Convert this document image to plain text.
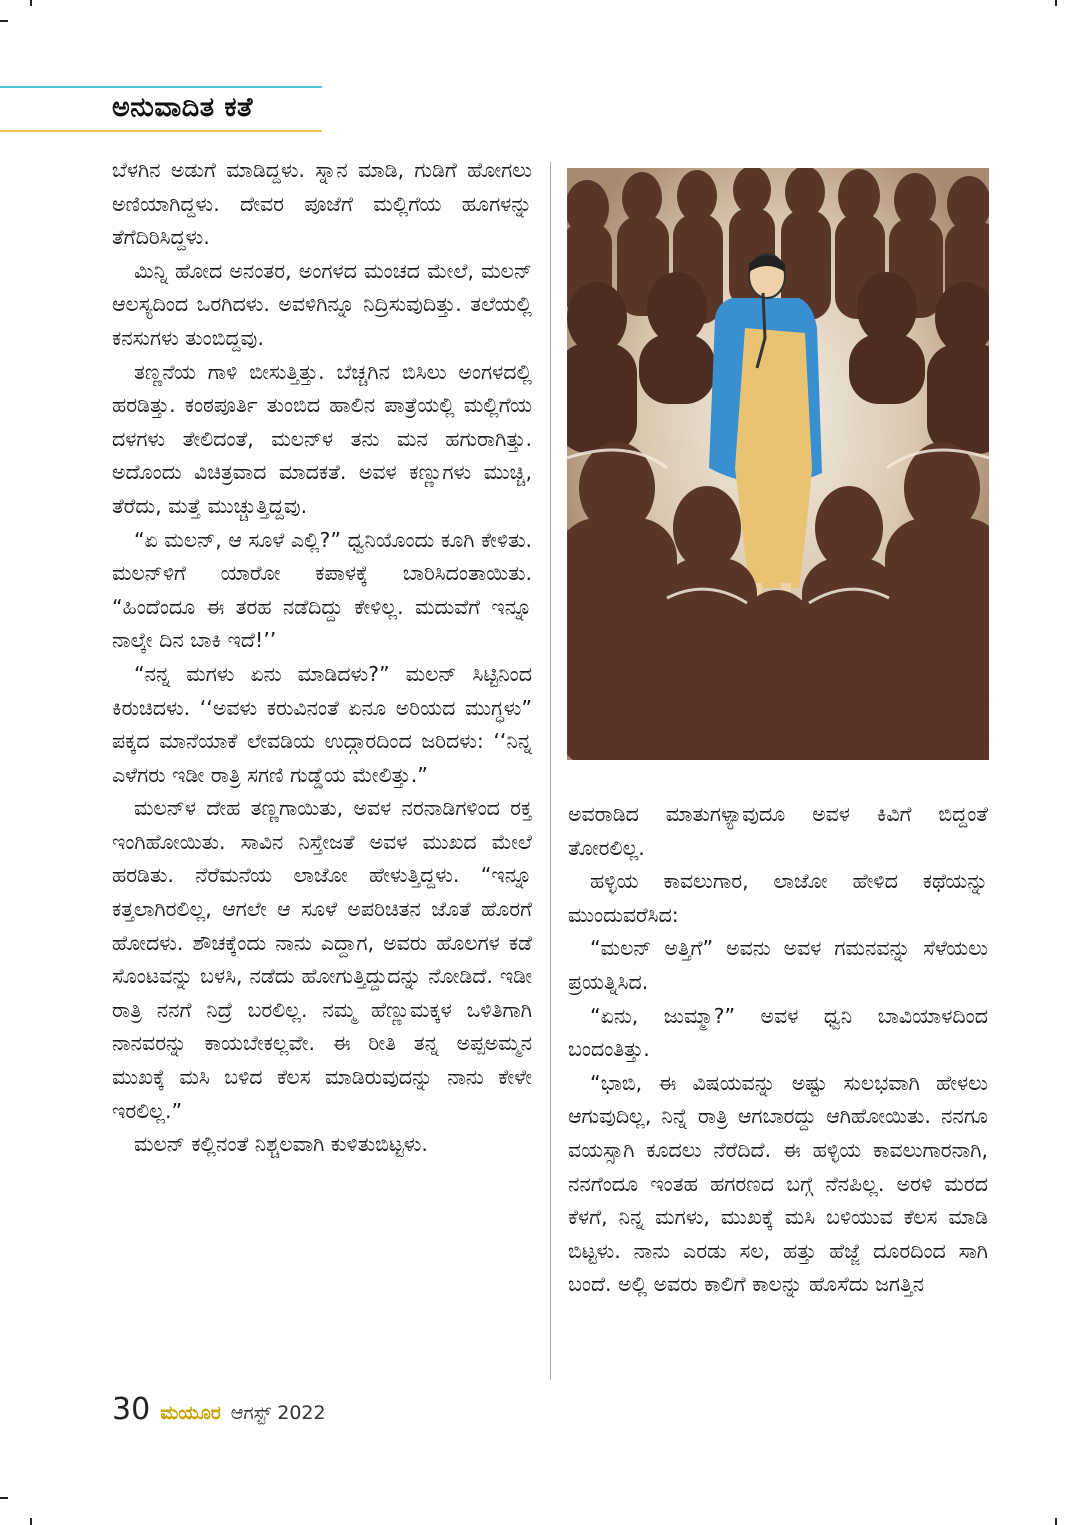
ಅನುವಾದಿತ ಕತೆ

ಬೆಳಗಿನ ಅಡುಗೆ ಮಾಡಿದ್ದಳು. ಸ್ನಾನ ಮಾಡಿ, ಗುಡಿಗೆ ಹೋಗಲು ಅಣಿಯಾಗಿದ್ದಳು. ದೇವರ ಪೂಜೆಗೆ ಮಲ್ಲಿಗೆಯ ಹೂಗಳನ್ನು ತೆಗೆದಿರಿಸಿದ್ದಳು.

ಮಿನ್ನಿ ಹೋದ ಅನಂತರ, ಅಂಗಳದ ಮಂಚದ ಮೇಲೆ, ಮಲನ್ ಆಲಸ್ಯದಿಂದ ಒರಗಿದಳು. ಅವಳಿಗಿನ್ನೂ ನಿದ್ರಿಸುವುದಿತ್ತು. ತಲೆಯಲ್ಲಿ ಕನಸುಗಳು ತುಂಬಿದ್ದವು.

ತಣ್ಣನೆಯ ಗಾಳಿ ಬೀಸುತ್ತಿತ್ತು. ಬೆಚ್ಚಗಿನ ಬಿಸಿಲು ಅಂಗಳದಲ್ಲಿ ಹರಡಿತ್ತು. ಕಂಠಪೂರ್ತಿ ತುಂಬಿದ ಹಾಲಿನ ಪಾತ್ರೆಯಲ್ಲಿ ಮಲ್ಲಿಗೆಯ ದಳಗಳು ತೇಲಿದಂತೆ, ಮಲನ್‌ಳ ತನು ಮನ ಹಗುರಾಗಿತ್ತು. ಅದೊಂದು ವಿಚಿತ್ರವಾದ ಮಾದಕತೆ. ಅವಳ ಕಣ್ಣುಗಳು ಮುಚ್ಚಿ, ತೆರೆದು, ಮತ್ತೆ ಮುಚ್ಚುತ್ತಿದ್ದವು.

“ಏ ಮಲನ್, ಆ ಸೂಳೆ ಎಲ್ಲಿ?” ಧ್ವನಿಯೊಂದು ಕೂಗಿ ಕೇಳಿತು. ಮಲನ್‌ಳಿಗೆ ಯಾರೋ ಕಪಾಳಕ್ಕೆ ಬಾರಿಸಿದಂತಾಯಿತು. “ಹಿಂದೆಂದೂ ಈ ತರಹ ನಡೆದಿದ್ದು ಕೇಳಿಲ್ಲ. ಮದುವೆಗೆ ಇನ್ನೂ ನಾಲ್ಕೇ ದಿನ ಬಾಕಿ ಇದೆ!’’

“ನನ್ನ ಮಗಳು ಏನು ಮಾಡಿದಳು?” ಮಲನ್ ಸಿಟ್ಟಿನಿಂದ ಕಿರುಚಿದಳು. ‘‘ಅವಳು ಕರುವಿನಂತೆ ಏನೂ ಅರಿಯದ ಮುಗ್ಧಳು” ಪಕ್ಕದ ಮಾನೆಯಾಕೆ ಲೇವಡಿಯ ಉದ್ಗಾರದಿಂದ ಜರಿದಳು: ‘‘ನಿನ್ನ ಎಳೆಗರು ಇಡೀ ರಾತ್ರಿ ಸಗಣಿ ಗುಡ್ಡೆಯ ಮೇಲಿತ್ತು.”

ಮಲನ್‌ಳ ದೇಹ ತಣ್ಣಗಾಯಿತು, ಅವಳ ನರನಾಡಿಗಳಿಂದ ರಕ್ತ ಇಂಗಿಹೋಯಿತು. ಸಾವಿನ ನಿಸ್ತೇಜತೆ ಅವಳ ಮುಖದ ಮೇಲೆ ಹರಡಿತು. ನೆರೆಮನೆಯ ಲಾಜೋ ಹೇಳುತ್ತಿದ್ದಳು. “ಇನ್ನೂ ಕತ್ತಲಾಗಿರಲಿಲ್ಲ, ಆಗಲೇ ಆ ಸೂಳೆ ಅಪರಿಚಿತನ ಜೊತೆ ಹೊರಗೆ ಹೋದಳು. ಶೌಚಕ್ಕೆಂದು ನಾನು ಎದ್ದಾಗ, ಅವರು ಹೊಲಗಳ ಕಡೆ ಸೊಂಟವನ್ನು ಬಳಸಿ, ನಡೆದು ಹೋಗುತ್ತಿದ್ದುದನ್ನು ನೋಡಿದೆ. ಇಡೀ ರಾತ್ರಿ ನನಗೆ ನಿದ್ರೆ ಬರಲಿಲ್ಲ. ನಮ್ಮ ಹೆಣ್ಣುಮಕ್ಕಳ ಒಳಿತಿಗಾಗಿ ನಾನವರನ್ನು ಕಾಯಬೇಕಲ್ಲವೇ. ಈ ರೀತಿ ತನ್ನ ಅಪ್ಪಅಮ್ಮನ ಮುಖಕ್ಕೆ ಮಸಿ ಬಳಿದ ಕೆಲಸ ಮಾಡಿರುವುದನ್ನು ನಾನು ಕೇಳೇ ಇರಲಿಲ್ಲ.”

ಮಲನ್ ಕಲ್ಲಿನಂತೆ ನಿಶ್ಚಲವಾಗಿ ಕುಳಿತುಬಿಟ್ಟಳು.

ಅವರಾಡಿದ ಮಾತುಗಳ್ಯಾವುದೂ ಅವಳ ಕಿವಿಗೆ ಬಿದ್ದಂತೆ ತೋರಲಿಲ್ಲ.

ಹಳ್ಳಿಯ ಕಾವಲುಗಾರ, ಲಾಜೋ ಹೇಳಿದ ಕಥೆಯನ್ನು ಮುಂದುವರೆಸಿದ:

“ಮಲನ್ ಅತ್ತಿಗೆ” ಅವನು ಅವಳ ಗಮನವನ್ನು ಸೆಳೆಯಲು ಪ್ರಯತ್ನಿಸಿದ.

“ಏನು, ಜುಮ್ಮಾ?” ಅವಳ ಧ್ವನಿ ಬಾವಿಯಾಳದಿಂದ ಬಂದಂತಿತ್ತು.

“ಭಾಬಿ, ಈ ವಿಷಯವನ್ನು ಅಷ್ಟು ಸುಲಭವಾಗಿ ಹೇಳಲು ಆಗುವುದಿಲ್ಲ, ನಿನ್ನೆ ರಾತ್ರಿ ಆಗಬಾರದ್ದು ಆಗಿಹೋಯಿತು. ನನಗೂ ವಯಸ್ಸಾಗಿ ಕೂದಲು ನೆರೆದಿದೆ. ಈ ಹಳ್ಳಿಯ ಕಾವಲುಗಾರನಾಗಿ, ನನಗೆಂದೂ ಇಂತಹ ಹಗರಣದ ಬಗ್ಗೆ ನೆನಪಿಲ್ಲ. ಅರಳಿ ಮರದ ಕೆಳಗೆ, ನಿನ್ನ ಮಗಳು, ಮುಖಕ್ಕೆ ಮಸಿ ಬಳಿಯುವ ಕೆಲಸ ಮಾಡಿ ಬಿಟ್ಟಳು. ನಾನು ಎರಡು ಸಲ, ಹತ್ತು ಹೆಜ್ಜೆ ದೂರದಿಂದ ಸಾಗಿ ಬಂದೆ. ಅಲ್ಲಿ ಅವರು ಕಾಲಿಗೆ ಕಾಲನ್ನು ಹೊಸೆದು ಜಗತ್ತಿನ

30 ಮಯೂರ ಆಗಸ್ಟ್ 2022
